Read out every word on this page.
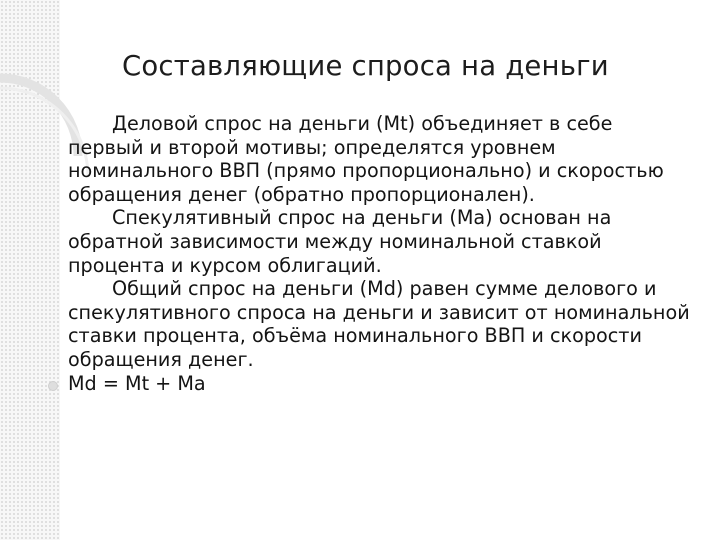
Составляющие спроса на деньги

Деловой спрос на деньги (Mt) объединяет в себе первый и второй мотивы; определятся уровнем номинального ВВП (прямо пропорционально) и скоростью обращения денег (обратно пропорционален).

Спекулятивный спрос на деньги (Ma) основан на обратной зависимости между номинальной ставкой процента и курсом облигаций.

Общий спрос на деньги (Md) равен сумме делового и спекулятивного спроса на деньги и зависит от номинальной ставки процента, объёма номинального ВВП и скорости обращения денег.

Md = Mt + Ma
